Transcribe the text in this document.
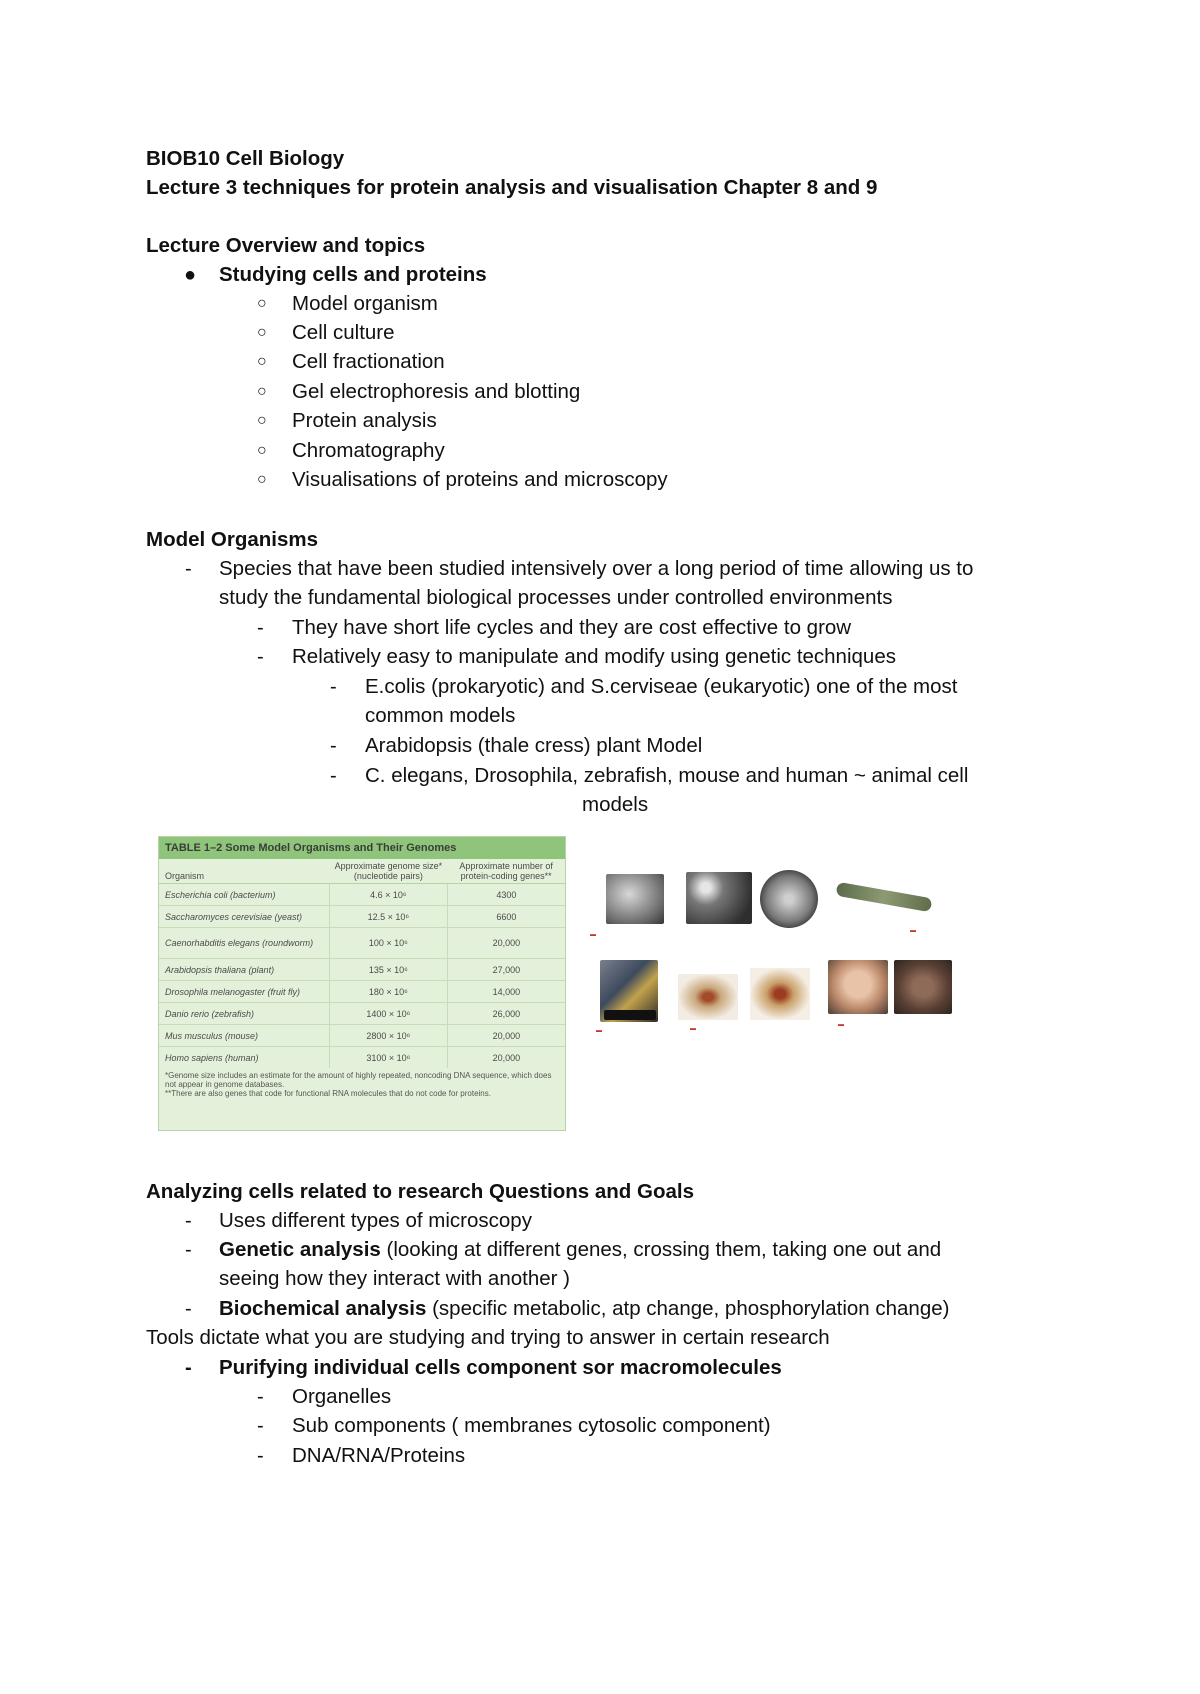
BIOB10 Cell Biology
Lecture 3 techniques for protein analysis and visualisation Chapter 8 and 9
Lecture Overview and topics
● Studying cells and proteins
○ Model organism
○ Cell culture
○ Cell fractionation
○ Gel electrophoresis and blotting
○ Protein analysis
○ Chromatography
○ Visualisations of proteins and microscopy
Model Organisms
- Species that have been studied intensively over a long period of time allowing us to
study the fundamental biological processes under controlled environments
- They have short life cycles and they are cost effective to grow
- Relatively easy to manipulate and modify using genetic techniques
- E.colis (prokaryotic) and S.cerviseae (eukaryotic) one of the most
common models
- Arabidopsis (thale cress) plant Model
- C. elegans, Drosophila, zebrafish, mouse and human ~ animal cell
models
TABLE 1–2 Some Model Organisms and Their Genomes
Organism	Approximate genome size* (nucleotide pairs)	Approximate number of protein-coding genes**
Escherichia coli (bacterium)	4.6 × 10⁶	4300
Saccharomyces cerevisiae (yeast)	12.5 × 10⁶	6600
Caenorhabditis elegans (roundworm)	100 × 10⁶	20,000
Arabidopsis thaliana (plant)	135 × 10⁶	27,000
Drosophila melanogaster (fruit fly)	180 × 10⁶	14,000
Danio rerio (zebrafish)	1400 × 10⁶	26,000
Mus musculus (mouse)	2800 × 10⁶	20,000
Homo sapiens (human)	3100 × 10⁶	20,000
*Genome size includes an estimate for the amount of highly repeated, noncoding DNA sequence, which does not appear in genome databases.
**There are also genes that code for functional RNA molecules that do not code for proteins.
▬
▬
▬	▬
▬
Analyzing cells related to research Questions and Goals
- Uses different types of microscopy
- Genetic analysis (looking at different genes, crossing them, taking one out and
seeing how they interact with another )
- Biochemical analysis (specific metabolic, atp change, phosphorylation change)
Tools dictate what you are studying and trying to answer in certain research
- Purifying individual cells component sor macromolecules
- Organelles
- Sub components ( membranes cytosolic component)
- DNA/RNA/Proteins
